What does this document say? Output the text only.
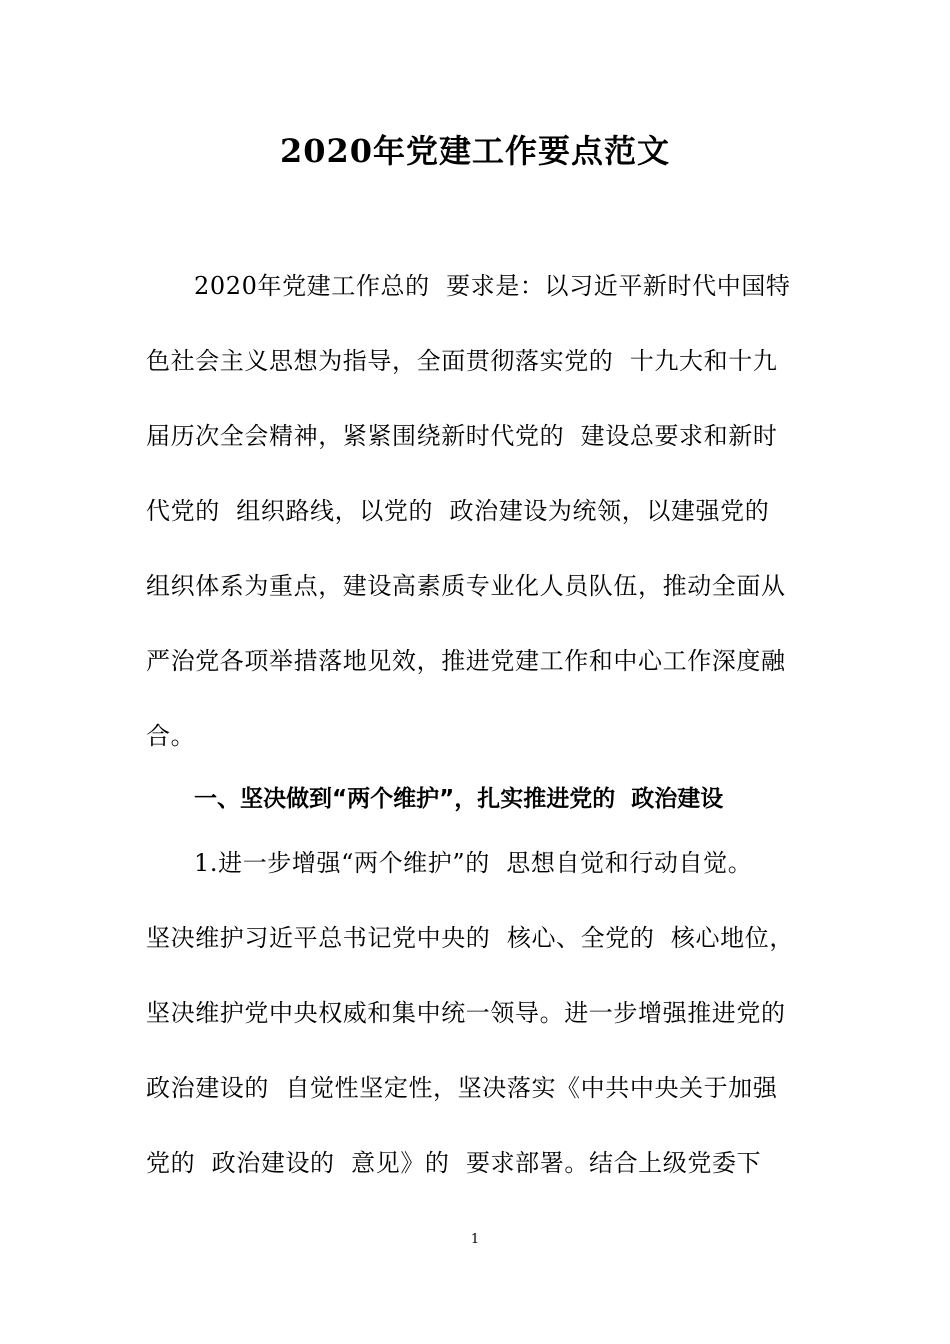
2020年党建工作要点范文

2020年党建工作总的  要求是：以习近平新时代中国特

色社会主义思想为指导，全面贯彻落实党的  十九大和十九

届历次全会精神，紧紧围绕新时代党的  建设总要求和新时

代党的  组织路线，以党的  政治建设为统领，以建强党的

组织体系为重点，建设高素质专业化人员队伍，推动全面从

严治党各项举措落地见效，推进党建工作和中心工作深度融

合。

一、坚决做到“两个维护”，扎实推进党的  政治建设

1.进一步增强“两个维护”的  思想自觉和行动自觉。

坚决维护习近平总书记党中央的  核心、全党的  核心地位，

坚决维护党中央权威和集中统一领导。进一步增强推进党的

政治建设的  自觉性坚定性，坚决落实《中共中央关于加强

党的  政治建设的  意见》的  要求部署。结合上级党委下

1
